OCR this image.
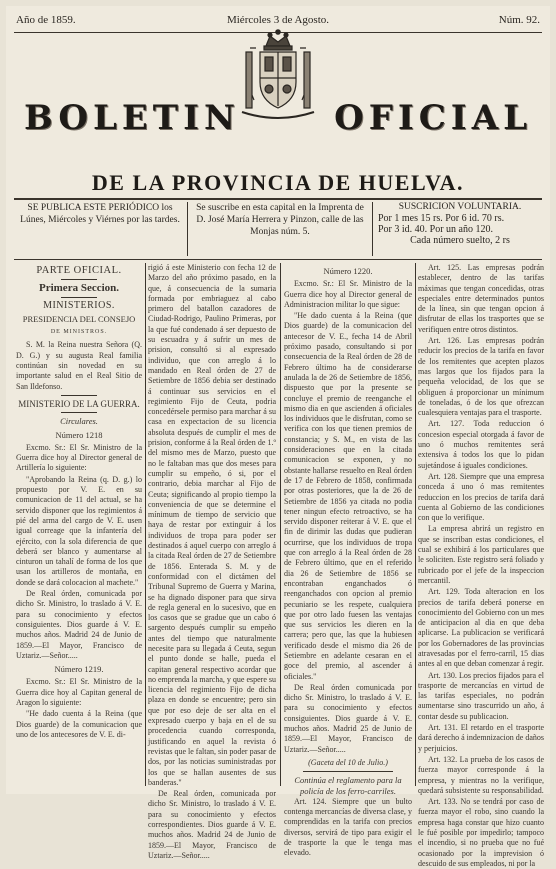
Año de 1859.	Miércoles 3 de Agosto.	Núm. 92.
BOLETIN	OFICIAL
DE LA PROVINCIA DE HUELVA.
SE PUBLICA ESTE PERIÓDICO los Lúnes, Miércoles y Viérnes por las tardes.
Se suscribe en esta capital en la Imprenta de D. José María Herrera y Pinzon, calle de las Monjas núm. 5.
SUSCRICION VOLUNTARIA.
Por 1 mes 15 rs. Por 6 id. 70 rs.
Por 3 id. 40. Por un año 120.
Cada número suelto, 2 rs

PARTE OFICIAL.

Primera Seccion.

MINISTERIOS.

PRESIDENCIA DEL CONSEJO

DE MINISTROS.

S. M. la Reina nuestra Señora (Q. D. G.) y su augusta Real familia continúan sin novedad en su importante salud en el Real Sitio de San Ildefonso.

MINISTERIO DE LA GUERRA.

Circulares.

Número 1218

Excmo. Sr.: El Sr. Ministro de la Guerra dice hoy al Director general de Artillería lo siguiente:

"Aprobando la Reina (q. D. g.) lo propuesto por V. E. en su comunicacion de 11 del actual, se ha servido disponer que los regimientos á pié del arma del cargo de V. E. usen igual correage que la infantería del ejército, con la sola diferencia de que deberá ser blanco y aumentarse al cinturon un tahalí de forma de los que usan los artilleros de montaña, en donde se dará colocacion al machete."

De Real órden, comunicada por dicho Sr. Ministro, lo traslado á V. E. para su conocimiento y efectos consiguientes. Dios guarde á V. E. muchos años. Madrid 24 de Junio de 1859.—El Mayor, Francisco de Uztariz.—Señor.....

Número 1219.

Excmo. Sr.: El Sr. Ministro de la Guerra dice hoy al Capitan general de Aragon lo siguiente:

"He dado cuenta á la Reina (que Dios guarde) de la comunicacion que uno de los antecesores de V. E. di-

rigió á este Ministerio con fecha 12 de Marzo del año próximo pasado, en la que, á consecuencia de la sumaria formada por embriaguez al cabo primero del batallon cazadores de Ciudad-Rodrigo, Paulino Primeras, por la que fué condenado á ser depuesto de su escuadra y á sufrir un mes de prision, consultó si al expresado individuo, que con arreglo á lo mandado en Real órden de 27 de Setiembre de 1856 debia ser destinado á continuar sus servicios en el regimiento Fijo de Ceuta, podria concedérsele permiso para marchar á su casa en expectacion de su licencia absoluta después de cumplir el mes de prision, conforme á la Real órden de 1.º del mismo mes de Marzo, puesto que no le faltaban mas que dos meses para cumplir su empeño, ó si, por el contrario, debia marchar al Fijo de Ceuta; significando al propio tiempo la conveniencia de que se determine el mínimum de tiempo de servicio que haya de restar por extinguir á los individuos de tropa para poder ser destinados á aquel cuerpo con arreglo á la citada Real órden de 27 de Setiembre de 1856. Enterada S. M. y de conformidad con el dictámen del Tribunal Supremo de Guerra y Marina, se ha dignado disponer para que sirva de regla general en lo sucesivo, que en los casos que se gradue que un cabo ó sargento después cumplir su empeño antes del tiempo que naturalmente necesite para su llegada á Ceuta, segun el punto donde se halle, pueda el capitan general respectivo acordar que no emprenda la marcha, y que espere su licencia del regimiento Fijo de dicha plaza en donde se encuentre; pero sin que por eso deje de ser alta en el expresado cuerpo y baja en el de su procedencia cuando corresponda, justificando en aquel la revista ó revistas que le faltan, sin poder pasar de dos, por las noticias suministradas por los que se hallan ausentes de sus banderas."

De Real órden, comunicada por dicho Sr. Ministro, lo traslado á V. E. para su conocimiento y efectos correspondientes. Dios guarde á V. E. muchos años. Madrid 24 de Junio de 1859.—El Mayor, Francisco de Uztariz.—Señor.....

Número 1220.

Excmo. Sr.: El Sr. Ministro de la Guerra dice hoy al Director general de Administracion militar lo que sigue:

"He dado cuenta á la Reina (que Dios guarde) de la comunicacion del antecesor de V. E., fecha 14 de Abril próximo pasado, consultando si por consecuencia de la Real órden de 28 de Febrero último ha de considerarse anulada la de 26 de Setiembre de 1856, dispuesto que por la presente se concluye el premio de reenganche el mismo dia en que ascienden á oficiales los individuos que le disfrutan, como se verifica con los que tienen premios de constancia; y S. M., en vista de las consideraciones que en la citada comunicacion se exponen, y no obstante hallarse resuelto en Real órden de 17 de Febrero de 1858, confirmada por otras posteriores, que la de 26 de Setiembre de 1856 ya citada no podia tener ningun efecto retroactivo, se ha servido disponer reiterar á V. E. que el fin de dirimir las dudas que pudieran ocurrirse, que los individuos de tropa que con arreglo á la Real órden de 28 de Febrero último, que en el referido dia 26 de Setiembre de 1856 se encontraban enganchados ó reenganchados con opcion al premio pecuniario se les respete, cualquiera que por otro lado fuesen las ventajas que sus servicios les dieren en la carrera; pero que, las que la hubiesen verificado desde el mismo dia 26 de Setiembre en adelante cesaran en el goce del premio, al ascender á oficiales."

De Real órden comunicada por dicho Sr. Ministro, lo traslado á V. E. para su conocimiento y efectos consiguientes. Dios guarde á V. E. muchos años. Madrid 25 de Junio de 1859.—El Mayor, Francisco de Uztariz.—Señor.....

(Gaceta del 10 de Julio.)

Continúa el reglamento para la policía de los ferro-carriles.

Art. 124. Siempre que un bulto contenga mercancías de diversa clase, y comprendidas en la tarifa con precios diversos, servirá de tipo para exigir el de trasporte la que le tenga mas elevado.

Art. 125. Las empresas podrán establecer, dentro de las tarifas máximas que tengan concedidas, otras especiales entre determinados puntos de la línea, sin que tengan opcion á disfrutar de ellas los trasportes que se verifiquen entre otros distintos.

Art. 126. Las empresas podrán reducir los precios de la tarifa en favor de los remitentes que acepten plazos mas largos que los fijados para la pequeña velocidad, de los que se obliguen á proporcionar un mínimum de toneladas, ó de los que ofrezcan cualesquiera ventajas para el trasporte.

Art. 127. Toda reduccion ó concesion especial otorgada á favor de uno ó muchos remitentes será extensiva á todos los que lo pidan sujetándose á iguales condiciones.

Art. 128. Siempre que una empresa conceda á uno ó mas remitentes reduccion en los precios de tarifa dará cuenta al Gobierno de las condiciones con que lo verifique.

La empresa abrirá un registro en que se inscriban estas condiciones, el cual se exhibirá á los particulares que le soliciten. Este registro será foliado y rubricado por el jefe de la inspeccion mercantil.

Art. 129. Toda alteracion en los precios de tarifa deberá ponerse en conocimiento del Gobierno con un mes de anticipacion al dia en que deba aplicarse. La publicacion se verificará por los Gobernadores de las provincias atravesadas por el ferro-carril, 15 dias antes al en que deban comenzar á regir.

Art. 130. Los precios fijados para el trasporte de mercancías en virtud de las tarifas especiales, no podrán aumentarse sino trascurrido un año, á contar desde su publicacion.

Art. 131. El retardo en el trasporte dará derecho á indemnizacion de daños y perjuicios.

Art. 132. La prueba de los casos de fuerza mayor corresponde á la empresa, y mientras no la verifique, quedará subsistente su responsabilidad.

Art. 133. No se tendrá por caso de fuerza mayor el robo, sino cuando la empresa haga constar que hizo cuanto le fué posible por impedirlo; tampoco el incendio, si no prueba que no fué ocasionado por la imprevision ó descuido de sus empleados, ni por la
